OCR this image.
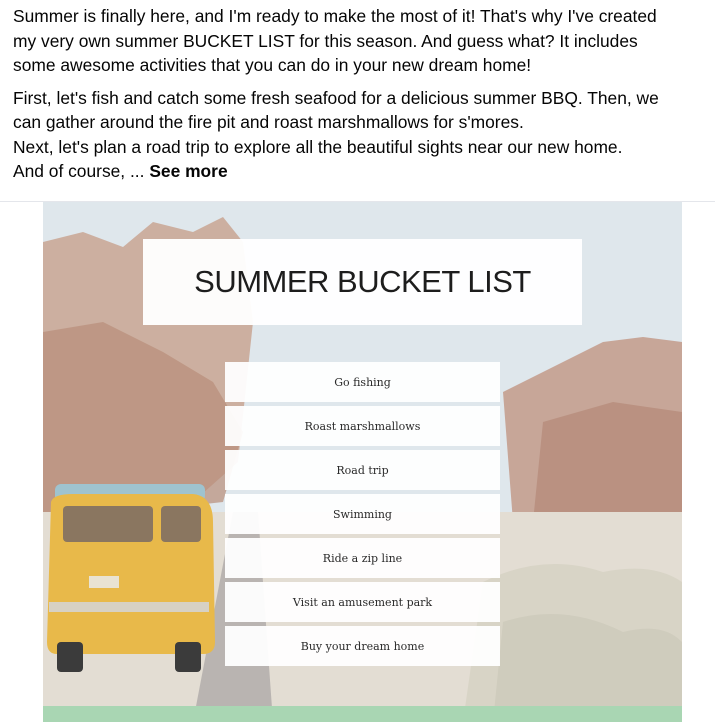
Summer is finally here, and I'm ready to make the most of it! That's why I've created
my very own summer BUCKET LIST for this season. And guess what? It includes
some awesome activities that you can do in your new dream home!

First, let's fish and catch some fresh seafood for a delicious summer BBQ. Then, we
can gather around the fire pit and roast marshmallows for s'mores.
Next, let's plan a road trip to explore all the beautiful sights near our new home.
And of course, ... See more

SUMMER BUCKET LIST
Go fishing
Roast marshmallows
Road trip
Swimming
Ride a zip line
Visit an amusement park
Buy your dream home
